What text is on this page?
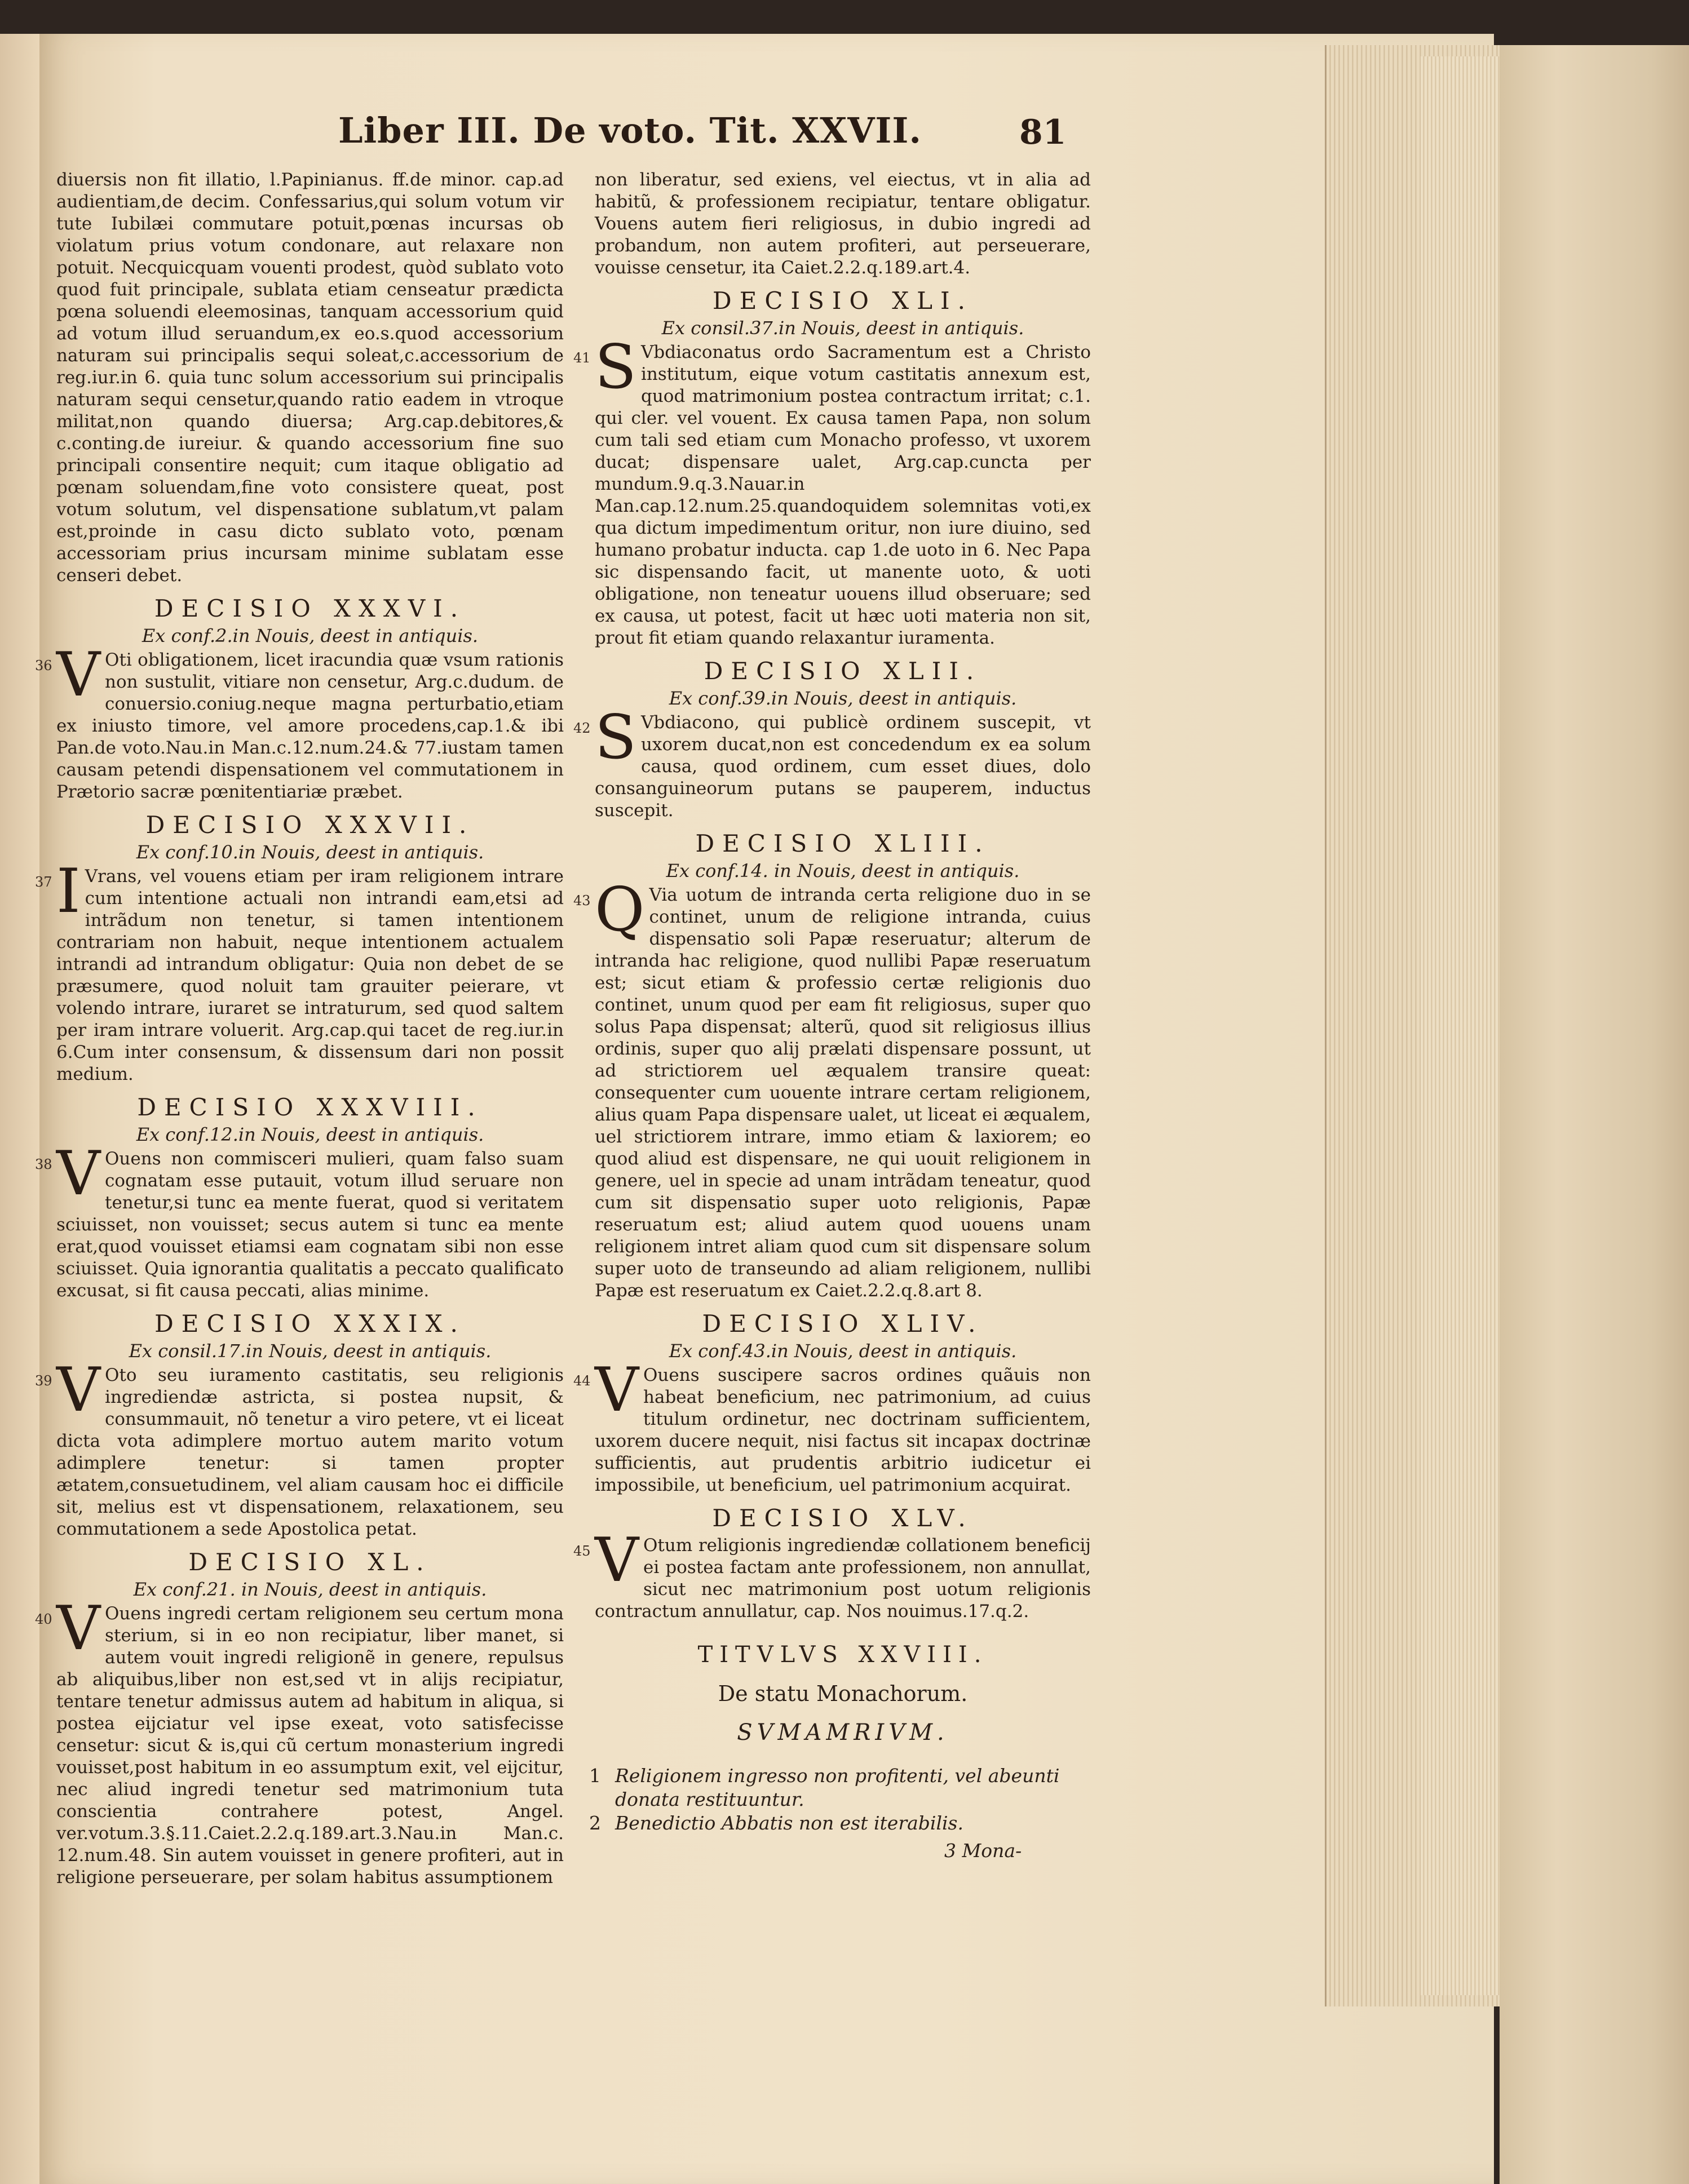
Liber III. De voto. Tit. XXVII.	81

diuersis non fit illatio, l.Papinianus. ff.de minor. cap.ad audientiam,de decim. Confessarius,qui solum votum vir tute Iubilæi commutare potuit,pœnas incursas ob violatum prius votum condonare, aut relaxare non potuit. Necquicquam vouenti prodest, quòd sublato voto quod fuit principale, sublata etiam censeatur prædicta pœna soluendi eleemosinas, tanquam accessorium quid ad votum illud seruandum,ex eo.s.quod accessorium naturam sui principalis sequi soleat,c.accessorium de reg.iur.in 6. quia tunc solum accessorium sui principalis naturam sequi censetur,quando ratio eadem in vtroque militat,non quando diuersa; Arg.cap.debitores,& c.conting.de iureiur. & quando accessorium fine suo principali consentire nequit; cum itaque obligatio ad pœnam soluendam,fine voto consistere queat, post votum solutum, vel dispensatione sublatum,vt palam est,proinde in casu dicto sublato voto, pœnam accessoriam prius incursam minime sublatam esse censeri debet.

DECISIO XXXVI.
Ex conf.2.in Nouis, deest in antiquis.
36 V Oti obligationem, licet iracundia quæ vsum rationis non sustulit, vitiare non censetur, Arg.c.dudum. de conuersio.coniug.neque magna perturbatio,etiam ex iniusto timore, vel amore procedens,cap.1.& ibi Pan.de voto.Nau.in Man.c.12.num.24.& 77.iustam tamen causam petendi dispensationem vel commutationem in Prætorio sacræ pœnitentiariæ præbet.

DECISIO XXXVII.
Ex conf.10.in Nouis, deest in antiquis.
37 I Vrans, vel vouens etiam per iram religionem intrare cum intentione actuali non intrandi eam,etsi ad intrãdum non tenetur, si tamen intentionem contrariam non habuit, neque intentionem actualem intrandi ad intrandum obligatur: Quia non debet de se præsumere, quod noluit tam grauiter peierare, vt volendo intrare, iuraret se intraturum, sed quod saltem per iram intrare voluerit. Arg.cap.qui tacet de reg.iur.in 6.Cum inter consensum, & dissensum dari non possit medium.

DECISIO XXXVIII.
Ex conf.12.in Nouis, deest in antiquis.
38 V Ouens non commisceri mulieri, quam falso suam cognatam esse putauit, votum illud seruare non tenetur,si tunc ea mente fuerat, quod si veritatem sciuisset, non vouisset; secus autem si tunc ea mente erat,quod vouisset etiamsi eam cognatam sibi non esse sciuisset. Quia ignorantia qualitatis a peccato qualificato excusat, si fit causa peccati, alias minime.

DECISIO XXXIX.
Ex consil.17.in Nouis, deest in antiquis.
39 V Oto seu iuramento castitatis, seu religionis ingrediendæ astricta, si postea nupsit, & consummauit, nõ tenetur a viro petere, vt ei liceat dicta vota adimplere mortuo autem marito votum adimplere tenetur: si tamen propter ætatem,consuetudinem, vel aliam causam hoc ei difficile sit, melius est vt dispensationem, relaxationem, seu commutationem a sede Apostolica petat.

DECISIO XL.
Ex conf.21. in Nouis, deest in antiquis.
40 V Ouens ingredi certam religionem seu certum mona sterium, si in eo non recipiatur, liber manet, si autem vouit ingredi religionẽ in genere, repulsus ab aliquibus,liber non est,sed vt in alijs recipiatur, tentare tenetur admissus autem ad habitum in aliqua, si postea eijciatur vel ipse exeat, voto satisfecisse censetur: sicut & is,qui cũ certum monasterium ingredi vouisset,post habitum in eo assumptum exit, vel eijcitur, nec aliud ingredi tenetur sed matrimonium tuta conscientia contrahere potest, Angel. ver.votum.3.§.11.Caiet.2.2.q.189.art.3.Nau.in Man.c. 12.num.48. Sin autem vouisset in genere profiteri, aut in religione perseuerare, per solam habitus assumptionem

non liberatur, sed exiens, vel eiectus, vt in alia ad habitũ, & professionem recipiatur, tentare obligatur. Vouens autem fieri religiosus, in dubio ingredi ad probandum, non autem profiteri, aut perseuerare, vouisse censetur, ita Caiet.2.2.q.189.art.4.

DECISIO XLI.
Ex consil.37.in Nouis, deest in antiquis.
41 S Vbdiaconatus ordo Sacramentum est a Christo institutum, eique votum castitatis annexum est, quod matrimonium postea contractum irritat; c.1. qui cler. vel vouent. Ex causa tamen Papa, non solum cum tali sed etiam cum Monacho professo, vt uxorem ducat; dispensare ualet, Arg.cap.cuncta per mundum.9.q.3.Nauar.in Man.cap.12.num.25.quandoquidem solemnitas voti,ex qua dictum impedimentum oritur, non iure diuino, sed humano probatur inducta. cap 1.de uoto in 6. Nec Papa sic dispensando facit, ut manente uoto, & uoti obligatione, non teneatur uouens illud obseruare; sed ex causa, ut potest, facit ut hæc uoti materia non sit, prout fit etiam quando relaxantur iuramenta.

DECISIO XLII.
Ex conf.39.in Nouis, deest in antiquis.
42 S Vbdiacono, qui publicè ordinem suscepit, vt uxorem ducat,non est concedendum ex ea solum causa, quod ordinem, cum esset diues, dolo consanguineorum putans se pauperem, inductus suscepit.

DECISIO XLIII.
Ex conf.14. in Nouis, deest in antiquis.
43 Q Via uotum de intranda certa religione duo in se continet, unum de religione intranda, cuius dispensatio soli Papæ reseruatur; alterum de intranda hac religione, quod nullibi Papæ reseruatum est; sicut etiam & professio certæ religionis duo continet, unum quod per eam fit religiosus, super quo solus Papa dispensat; alterũ, quod sit religiosus illius ordinis, super quo alij prælati dispensare possunt, ut ad strictiorem uel æqualem transire queat: consequenter cum uouente intrare certam religionem, alius quam Papa dispensare ualet, ut liceat ei æqualem, uel strictiorem intrare, immo etiam & laxiorem; eo quod aliud est dispensare, ne qui uouit religionem in genere, uel in specie ad unam intrãdam teneatur, quod cum sit dispensatio super uoto religionis, Papæ reseruatum est; aliud autem quod uouens unam religionem intret aliam quod cum sit dispensare solum super uoto de transeundo ad aliam religionem, nullibi Papæ est reseruatum ex Caiet.2.2.q.8.art 8.

DECISIO XLIV.
Ex conf.43.in Nouis, deest in antiquis.
44 V Ouens suscipere sacros ordines quãuis non habeat beneficium, nec patrimonium, ad cuius titulum ordinetur, nec doctrinam sufficientem, uxorem ducere nequit, nisi factus sit incapax doctrinæ sufficientis, aut prudentis arbitrio iudicetur ei impossibile, ut beneficium, uel patrimonium acquirat.

DECISIO XLV.
45 V Otum religionis ingrediendæ collationem beneficij ei postea factam ante professionem, non annullat, sicut nec matrimonium post uotum religionis contractum annullatur, cap. Nos nouimus.17.q.2.

TITVLVS XXVIII.
De statu Monachorum.
SVMAMRIVM.
1 Religionem ingresso non profitenti, vel abeunti donata restituuntur.
2 Benedictio Abbatis non est iterabilis.
3 Mona-
